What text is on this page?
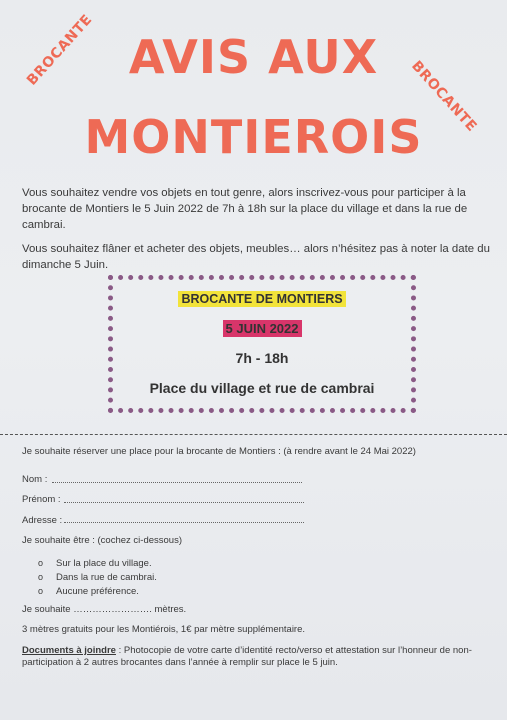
BROCANTE
BROCANTE
AVIS AUX
MONTIEROIS
Vous souhaitez vendre vos objets en tout genre, alors inscrivez-vous pour participer à la brocante de Montiers le 5 Juin 2022 de 7h à 18h sur la place du village et dans la rue de cambrai.
Vous souhaitez flâner et acheter des objets, meubles… alors n’hésitez pas à noter la date du dimanche 5 Juin.
BROCANTE DE MONTIERS
5 JUIN 2022
7h - 18h
Place du village et rue de cambrai
Je souhaite réserver une place pour la brocante de Montiers : (à rendre avant le 24 Mai 2022)
Nom :
Prénom :
Adresse :
Je souhaite être : (cochez ci-dessous)
o Sur la place du village.
o Dans la rue de cambrai.
o Aucune préférence.
Je souhaite ……………………. mètres.
3 mètres gratuits pour les Montiérois, 1€ par mètre supplémentaire.
Documents à joindre : Photocopie de votre carte d’identité recto/verso et attestation sur l’honneur de non-participation à 2 autres brocantes dans l’année à remplir sur place le 5 juin.
